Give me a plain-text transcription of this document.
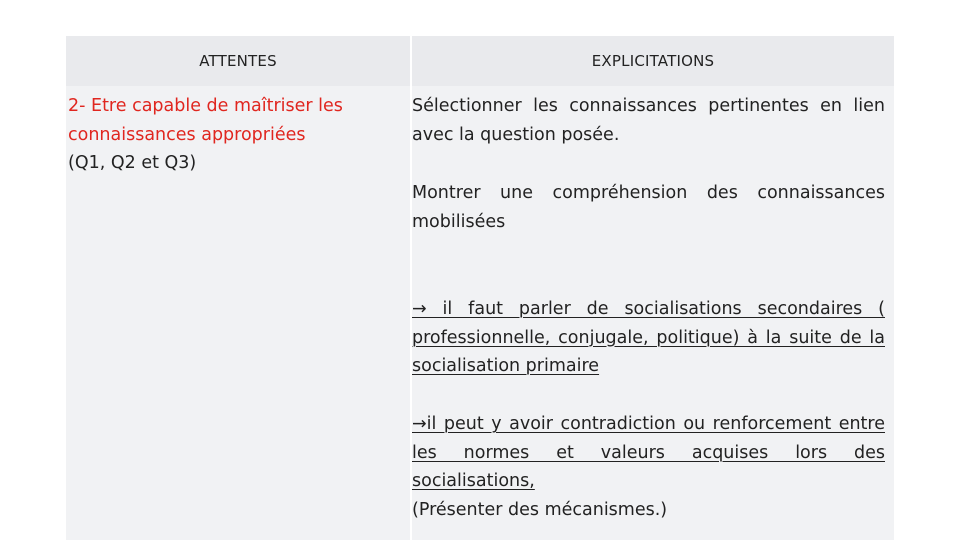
ATTENTES	EXPLICITATIONS
2- Etre capable de maîtriser les connaissances appropriées
(Q1, Q2 et Q3)
Sélectionner les connaissances pertinentes en lien avec la question posée.
Montrer une compréhension des connaissances mobilisées
→ il faut parler de socialisations secondaires ( professionnelle, conjugale, politique) à la suite de la socialisation primaire
→il peut y avoir contradiction ou renforcement entre les normes et valeurs acquises lors des socialisations,
(Présenter des mécanismes.)
